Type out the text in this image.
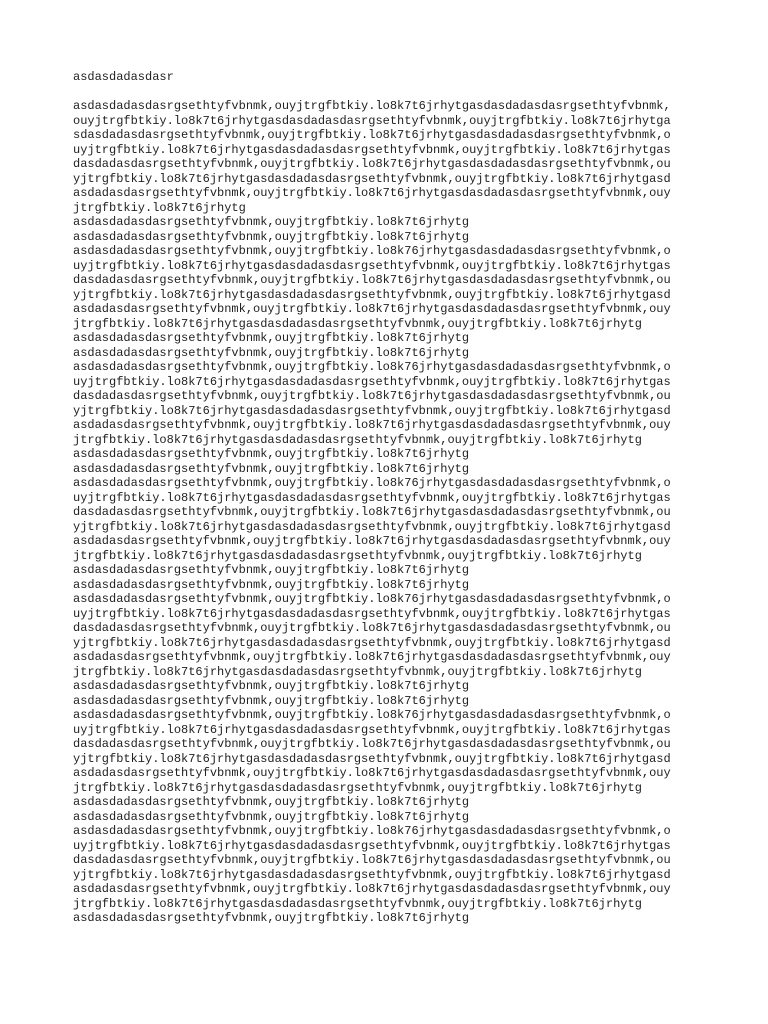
asdasdadasdasr
asdasdadasdasrgsethtyfvbnmk,ouyjtrgfbtkiy.lo8k7t6jrhytgasdasdadasdasrgsethtyfvbnmk,
ouyjtrgfbtkiy.lo8k7t6jrhytgasdasdadasdasrgsethtyfvbnmk,ouyjtrgfbtkiy.lo8k7t6jrhytga
sdasdadasdasrgsethtyfvbnmk,ouyjtrgfbtkiy.lo8k7t6jrhytgasdasdadasdasrgsethtyfvbnmk,o
uyjtrgfbtkiy.lo8k7t6jrhytgasdasdadasdasrgsethtyfvbnmk,ouyjtrgfbtkiy.lo8k7t6jrhytgas
dasdadasdasrgsethtyfvbnmk,ouyjtrgfbtkiy.lo8k7t6jrhytgasdasdadasdasrgsethtyfvbnmk,ou
yjtrgfbtkiy.lo8k7t6jrhytgasdasdadasdasrgsethtyfvbnmk,ouyjtrgfbtkiy.lo8k7t6jrhytgasd
asdadasdasrgsethtyfvbnmk,ouyjtrgfbtkiy.lo8k7t6jrhytgasdasdadasdasrgsethtyfvbnmk,ouy
jtrgfbtkiy.lo8k7t6jrhytg
asdasdadasdasrgsethtyfvbnmk,ouyjtrgfbtkiy.lo8k7t6jrhytg
asdasdadasdasrgsethtyfvbnmk,ouyjtrgfbtkiy.lo8k7t6jrhytg
asdasdadasdasrgsethtyfvbnmk,ouyjtrgfbtkiy.lo8k76jrhytgasdasdadasdasrgsethtyfvbnmk,o
uyjtrgfbtkiy.lo8k7t6jrhytgasdasdadasdasrgsethtyfvbnmk,ouyjtrgfbtkiy.lo8k7t6jrhytgas
dasdadasdasrgsethtyfvbnmk,ouyjtrgfbtkiy.lo8k7t6jrhytgasdasdadasdasrgsethtyfvbnmk,ou
yjtrgfbtkiy.lo8k7t6jrhytgasdasdadasdasrgsethtyfvbnmk,ouyjtrgfbtkiy.lo8k7t6jrhytgasd
asdadasdasrgsethtyfvbnmk,ouyjtrgfbtkiy.lo8k7t6jrhytgasdasdadasdasrgsethtyfvbnmk,ouy
jtrgfbtkiy.lo8k7t6jrhytgasdasdadasdasrgsethtyfvbnmk,ouyjtrgfbtkiy.lo8k7t6jrhytg
asdasdadasdasrgsethtyfvbnmk,ouyjtrgfbtkiy.lo8k7t6jrhytg
asdasdadasdasrgsethtyfvbnmk,ouyjtrgfbtkiy.lo8k7t6jrhytg
asdasdadasdasrgsethtyfvbnmk,ouyjtrgfbtkiy.lo8k76jrhytgasdasdadasdasrgsethtyfvbnmk,o
uyjtrgfbtkiy.lo8k7t6jrhytgasdasdadasdasrgsethtyfvbnmk,ouyjtrgfbtkiy.lo8k7t6jrhytgas
dasdadasdasrgsethtyfvbnmk,ouyjtrgfbtkiy.lo8k7t6jrhytgasdasdadasdasrgsethtyfvbnmk,ou
yjtrgfbtkiy.lo8k7t6jrhytgasdasdadasdasrgsethtyfvbnmk,ouyjtrgfbtkiy.lo8k7t6jrhytgasd
asdadasdasrgsethtyfvbnmk,ouyjtrgfbtkiy.lo8k7t6jrhytgasdasdadasdasrgsethtyfvbnmk,ouy
jtrgfbtkiy.lo8k7t6jrhytgasdasdadasdasrgsethtyfvbnmk,ouyjtrgfbtkiy.lo8k7t6jrhytg
asdasdadasdasrgsethtyfvbnmk,ouyjtrgfbtkiy.lo8k7t6jrhytg
asdasdadasdasrgsethtyfvbnmk,ouyjtrgfbtkiy.lo8k7t6jrhytg
asdasdadasdasrgsethtyfvbnmk,ouyjtrgfbtkiy.lo8k76jrhytgasdasdadasdasrgsethtyfvbnmk,o
uyjtrgfbtkiy.lo8k7t6jrhytgasdasdadasdasrgsethtyfvbnmk,ouyjtrgfbtkiy.lo8k7t6jrhytgas
dasdadasdasrgsethtyfvbnmk,ouyjtrgfbtkiy.lo8k7t6jrhytgasdasdadasdasrgsethtyfvbnmk,ou
yjtrgfbtkiy.lo8k7t6jrhytgasdasdadasdasrgsethtyfvbnmk,ouyjtrgfbtkiy.lo8k7t6jrhytgasd
asdadasdasrgsethtyfvbnmk,ouyjtrgfbtkiy.lo8k7t6jrhytgasdasdadasdasrgsethtyfvbnmk,ouy
jtrgfbtkiy.lo8k7t6jrhytgasdasdadasdasrgsethtyfvbnmk,ouyjtrgfbtkiy.lo8k7t6jrhytg
asdasdadasdasrgsethtyfvbnmk,ouyjtrgfbtkiy.lo8k7t6jrhytg
asdasdadasdasrgsethtyfvbnmk,ouyjtrgfbtkiy.lo8k7t6jrhytg
asdasdadasdasrgsethtyfvbnmk,ouyjtrgfbtkiy.lo8k76jrhytgasdasdadasdasrgsethtyfvbnmk,o
uyjtrgfbtkiy.lo8k7t6jrhytgasdasdadasdasrgsethtyfvbnmk,ouyjtrgfbtkiy.lo8k7t6jrhytgas
dasdadasdasrgsethtyfvbnmk,ouyjtrgfbtkiy.lo8k7t6jrhytgasdasdadasdasrgsethtyfvbnmk,ou
yjtrgfbtkiy.lo8k7t6jrhytgasdasdadasdasrgsethtyfvbnmk,ouyjtrgfbtkiy.lo8k7t6jrhytgasd
asdadasdasrgsethtyfvbnmk,ouyjtrgfbtkiy.lo8k7t6jrhytgasdasdadasdasrgsethtyfvbnmk,ouy
jtrgfbtkiy.lo8k7t6jrhytgasdasdadasdasrgsethtyfvbnmk,ouyjtrgfbtkiy.lo8k7t6jrhytg
asdasdadasdasrgsethtyfvbnmk,ouyjtrgfbtkiy.lo8k7t6jrhytg
asdasdadasdasrgsethtyfvbnmk,ouyjtrgfbtkiy.lo8k7t6jrhytg
asdasdadasdasrgsethtyfvbnmk,ouyjtrgfbtkiy.lo8k76jrhytgasdasdadasdasrgsethtyfvbnmk,o
uyjtrgfbtkiy.lo8k7t6jrhytgasdasdadasdasrgsethtyfvbnmk,ouyjtrgfbtkiy.lo8k7t6jrhytgas
dasdadasdasrgsethtyfvbnmk,ouyjtrgfbtkiy.lo8k7t6jrhytgasdasdadasdasrgsethtyfvbnmk,ou
yjtrgfbtkiy.lo8k7t6jrhytgasdasdadasdasrgsethtyfvbnmk,ouyjtrgfbtkiy.lo8k7t6jrhytgasd
asdadasdasrgsethtyfvbnmk,ouyjtrgfbtkiy.lo8k7t6jrhytgasdasdadasdasrgsethtyfvbnmk,ouy
jtrgfbtkiy.lo8k7t6jrhytgasdasdadasdasrgsethtyfvbnmk,ouyjtrgfbtkiy.lo8k7t6jrhytg
asdasdadasdasrgsethtyfvbnmk,ouyjtrgfbtkiy.lo8k7t6jrhytg
asdasdadasdasrgsethtyfvbnmk,ouyjtrgfbtkiy.lo8k7t6jrhytg
asdasdadasdasrgsethtyfvbnmk,ouyjtrgfbtkiy.lo8k76jrhytgasdasdadasdasrgsethtyfvbnmk,o
uyjtrgfbtkiy.lo8k7t6jrhytgasdasdadasdasrgsethtyfvbnmk,ouyjtrgfbtkiy.lo8k7t6jrhytgas
dasdadasdasrgsethtyfvbnmk,ouyjtrgfbtkiy.lo8k7t6jrhytgasdasdadasdasrgsethtyfvbnmk,ou
yjtrgfbtkiy.lo8k7t6jrhytgasdasdadasdasrgsethtyfvbnmk,ouyjtrgfbtkiy.lo8k7t6jrhytgasd
asdadasdasrgsethtyfvbnmk,ouyjtrgfbtkiy.lo8k7t6jrhytgasdasdadasdasrgsethtyfvbnmk,ouy
jtrgfbtkiy.lo8k7t6jrhytgasdasdadasdasrgsethtyfvbnmk,ouyjtrgfbtkiy.lo8k7t6jrhytg
asdasdadasdasrgsethtyfvbnmk,ouyjtrgfbtkiy.lo8k7t6jrhytg
